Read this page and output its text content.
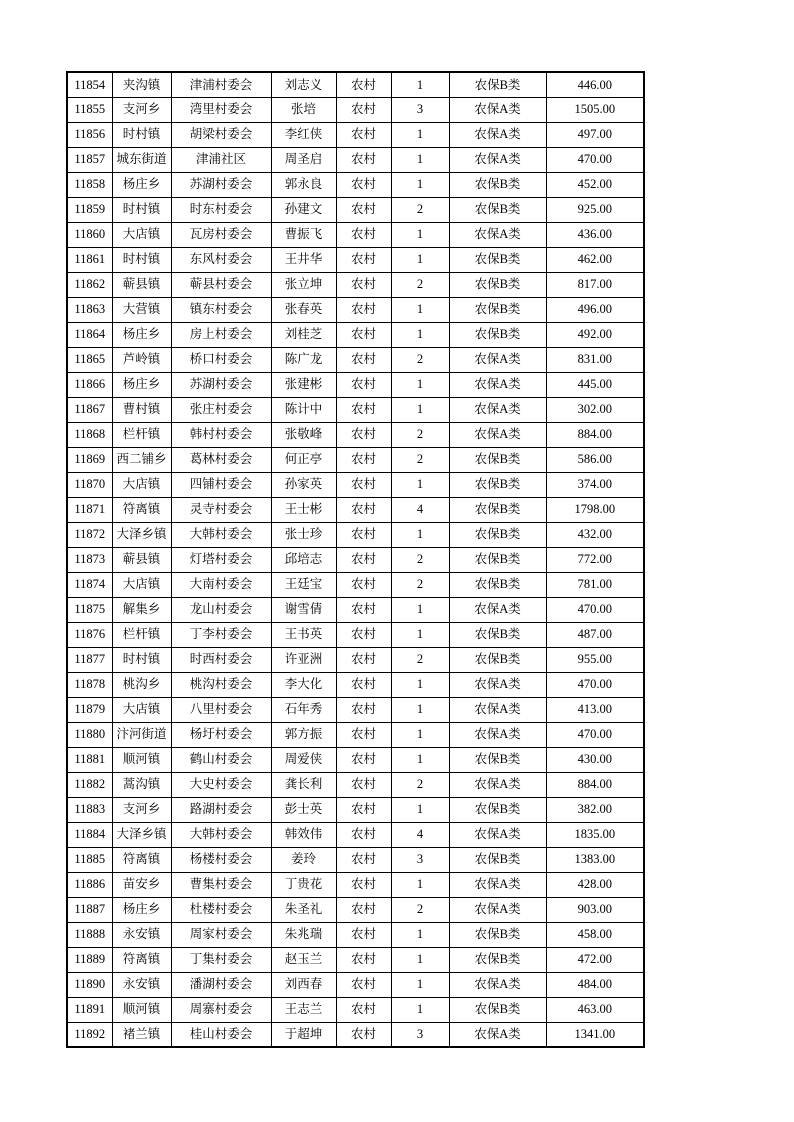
11854	夹沟镇	津浦村委会	刘志义	农村	1	农保B类	446.00
11855	支河乡	湾里村委会	张培	农村	3	农保A类	1505.00
11856	时村镇	胡梁村委会	李红侠	农村	1	农保A类	497.00
11857	城东街道	津浦社区	周圣启	农村	1	农保A类	470.00
11858	杨庄乡	苏湖村委会	郭永良	农村	1	农保B类	452.00
11859	时村镇	时东村委会	孙建文	农村	2	农保B类	925.00
11860	大店镇	瓦房村委会	曹振飞	农村	1	农保A类	436.00
11861	时村镇	东风村委会	王井华	农村	1	农保B类	462.00
11862	蕲县镇	蕲县村委会	张立坤	农村	2	农保B类	817.00
11863	大营镇	镇东村委会	张春英	农村	1	农保B类	496.00
11864	杨庄乡	房上村委会	刘桂芝	农村	1	农保B类	492.00
11865	芦岭镇	桥口村委会	陈广龙	农村	2	农保A类	831.00
11866	杨庄乡	苏湖村委会	张建彬	农村	1	农保A类	445.00
11867	曹村镇	张庄村委会	陈计中	农村	1	农保A类	302.00
11868	栏杆镇	韩村村委会	张敬峰	农村	2	农保A类	884.00
11869	西二铺乡	葛林村委会	何正亭	农村	2	农保B类	586.00
11870	大店镇	四铺村委会	孙家英	农村	1	农保B类	374.00
11871	符离镇	灵寺村委会	王士彬	农村	4	农保B类	1798.00
11872	大泽乡镇	大韩村委会	张士珍	农村	1	农保B类	432.00
11873	蕲县镇	灯塔村委会	邱培志	农村	2	农保B类	772.00
11874	大店镇	大南村委会	王廷宝	农村	2	农保B类	781.00
11875	解集乡	龙山村委会	谢雪倩	农村	1	农保A类	470.00
11876	栏杆镇	丁李村委会	王书英	农村	1	农保B类	487.00
11877	时村镇	时西村委会	许亚洲	农村	2	农保B类	955.00
11878	桃沟乡	桃沟村委会	李大化	农村	1	农保A类	470.00
11879	大店镇	八里村委会	石年秀	农村	1	农保A类	413.00
11880	汴河街道	杨圩村委会	郭方振	农村	1	农保A类	470.00
11881	顺河镇	鹤山村委会	周爱侠	农村	1	农保B类	430.00
11882	蒿沟镇	大史村委会	龚长利	农村	2	农保A类	884.00
11883	支河乡	路湖村委会	彭士英	农村	1	农保B类	382.00
11884	大泽乡镇	大韩村委会	韩效伟	农村	4	农保A类	1835.00
11885	符离镇	杨楼村委会	姜玲	农村	3	农保B类	1383.00
11886	苗安乡	曹集村委会	丁贵花	农村	1	农保A类	428.00
11887	杨庄乡	杜楼村委会	朱圣礼	农村	2	农保A类	903.00
11888	永安镇	周家村委会	朱兆瑞	农村	1	农保B类	458.00
11889	符离镇	丁集村委会	赵玉兰	农村	1	农保B类	472.00
11890	永安镇	潘湖村委会	刘西春	农村	1	农保A类	484.00
11891	顺河镇	周寨村委会	王志兰	农村	1	农保B类	463.00
11892	褚兰镇	桂山村委会	于超坤	农村	3	农保A类	1341.00
